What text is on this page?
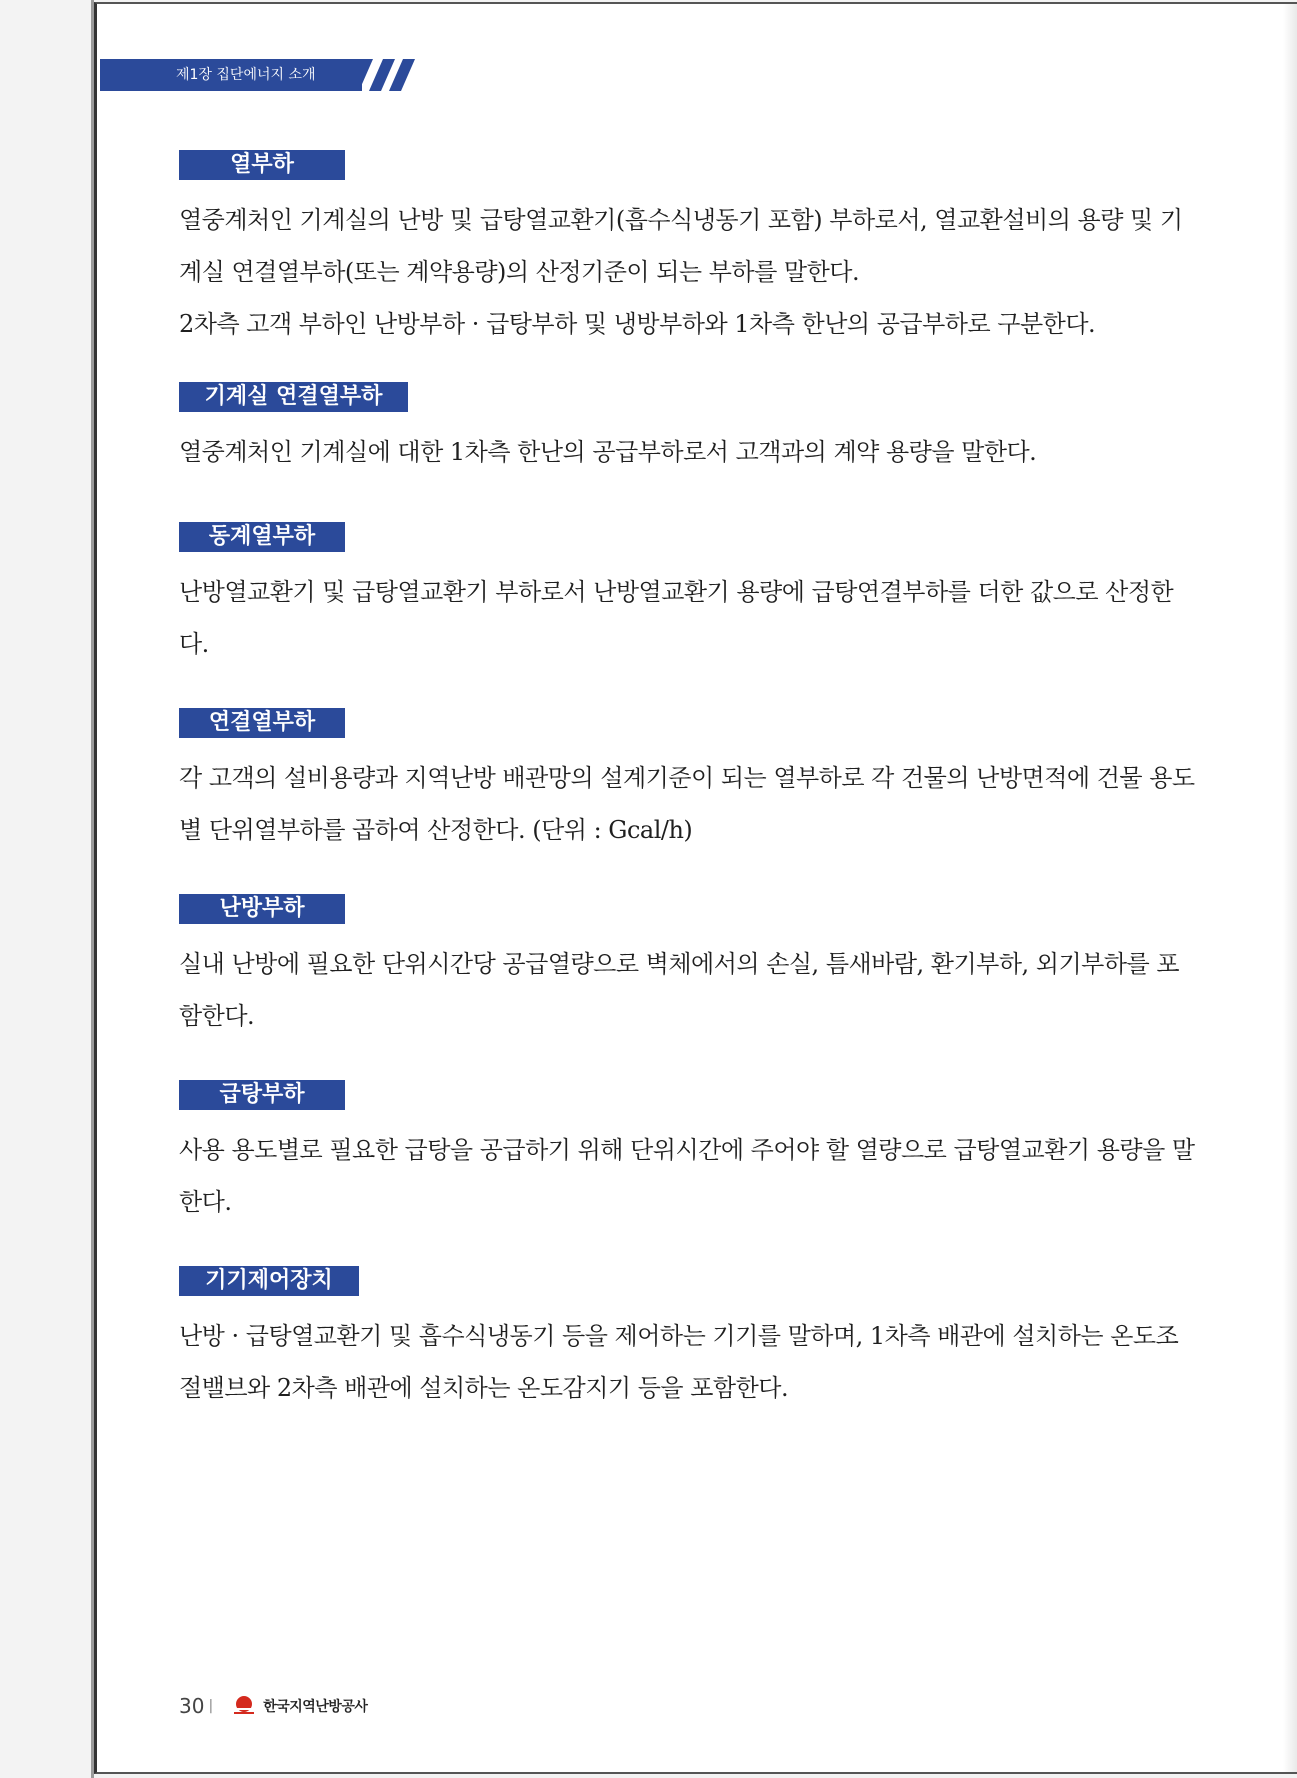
제1장 집단에너지 소개
열부하

열중계처인 기계실의 난방 및 급탕열교환기(흡수식냉동기 포함) 부하로서, 열교환설비의 용량 및 기계실 연결열부하(또는 계약용량)의 산정기준이 되는 부하를 말한다.

2차측 고객 부하인 난방부하 · 급탕부하 및 냉방부하와 1차측 한난의 공급부하로 구분한다.

기계실 연결열부하

열중계처인 기계실에 대한 1차측 한난의 공급부하로서 고객과의 계약 용량을 말한다.

동계열부하

난방열교환기 및 급탕열교환기 부하로서 난방열교환기 용량에 급탕연결부하를 더한 값으로 산정한다.

연결열부하

각 고객의 설비용량과 지역난방 배관망의 설계기준이 되는 열부하로 각 건물의 난방면적에 건물 용도별 단위열부하를 곱하여 산정한다. (단위 : Gcal/h)

난방부하

실내 난방에 필요한 단위시간당 공급열량으로 벽체에서의 손실, 틈새바람, 환기부하, 외기부하를 포함한다.

급탕부하

사용 용도별로 필요한 급탕을 공급하기 위해 단위시간에 주어야 할 열량으로 급탕열교환기 용량을 말한다.

기기제어장치

난방 · 급탕열교환기 및 흡수식냉동기 등을 제어하는 기기를 말하며, 1차측 배관에 설치하는 온도조절밸브와 2차측 배관에 설치하는 온도감지기 등을 포함한다.

30 |	한국지역난방공사
